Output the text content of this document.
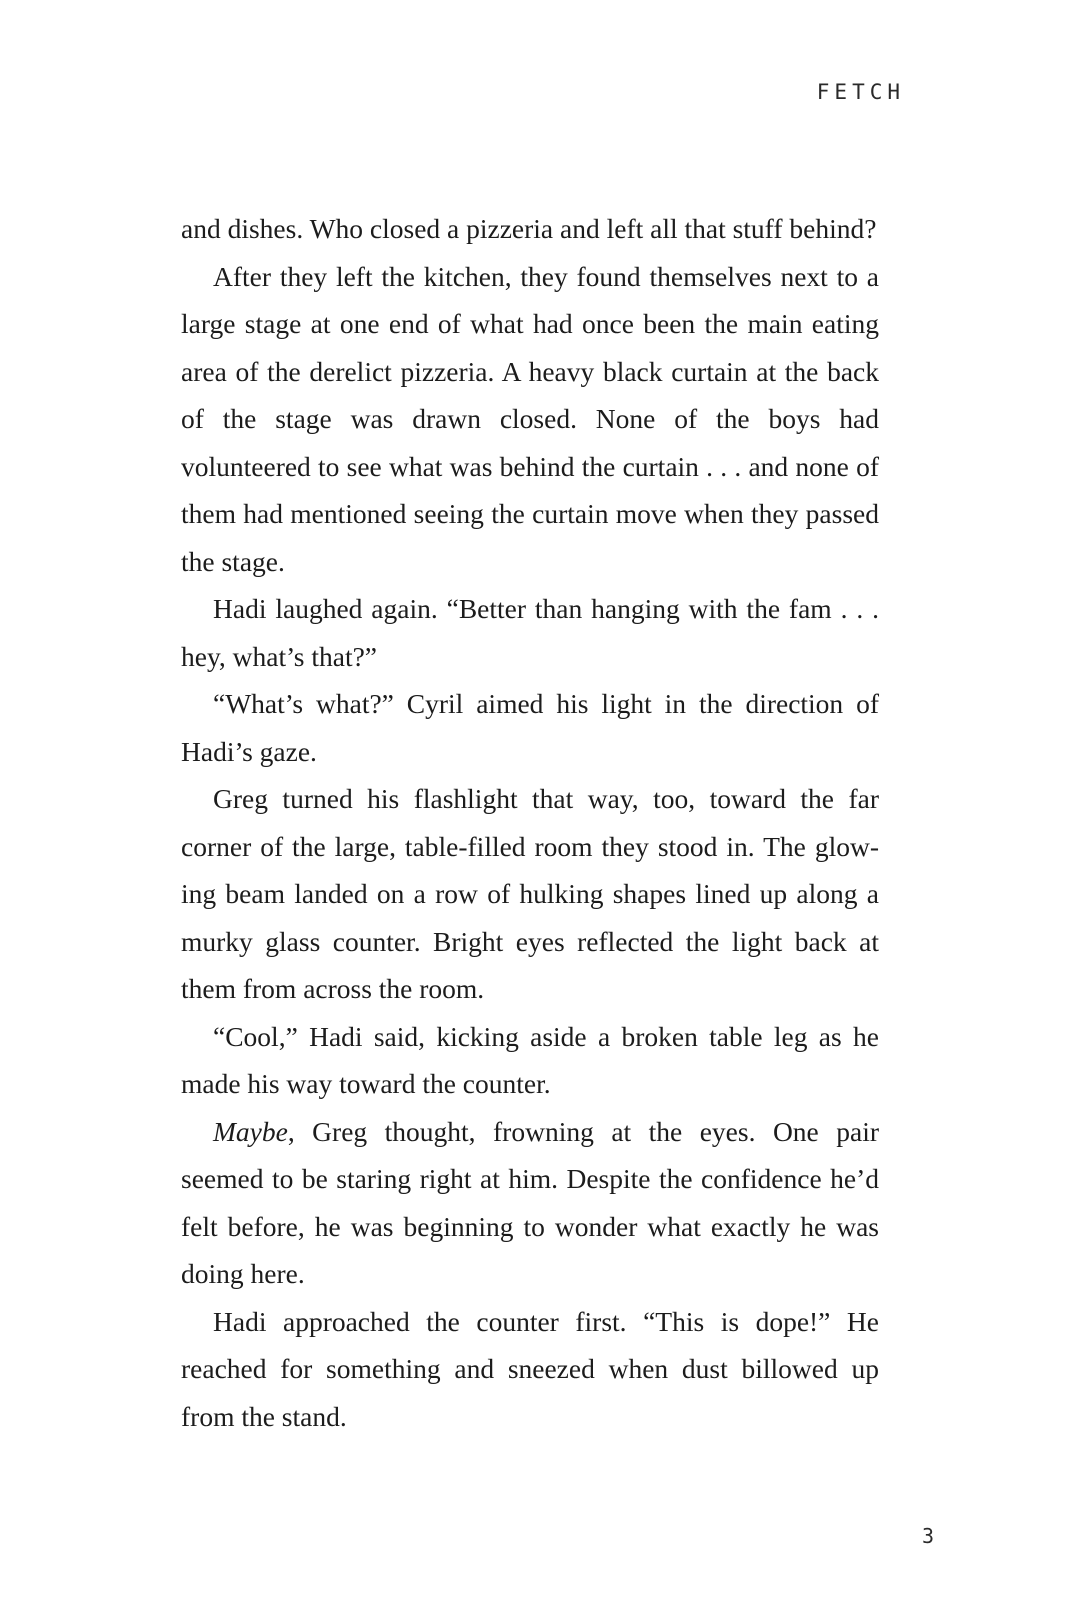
FETCH

and dishes. Who closed a pizzeria and left all that stuff behind?

After they left the kitchen, they found themselves next to a large stage at one end of what had once been the main eating area of the derelict pizzeria. A heavy black curtain at the back of the stage was drawn closed. None of the boys had volunteered to see what was behind the curtain . . . and none of them had mentioned seeing the curtain move when they passed the stage.

Hadi laughed again. “Better than hanging with the fam . . . hey, what’s that?”

“What’s what?” Cyril aimed his light in the direction of Hadi’s gaze.

Greg turned his flashlight that way, too, toward the far corner of the large, table-filled room they stood in. The glow-ing beam landed on a row of hulking shapes lined up along a murky glass counter. Bright eyes reflected the light back at them from across the room.

“Cool,” Hadi said, kicking aside a broken table leg as he made his way toward the counter.

Maybe, Greg thought, frowning at the eyes. One pair seemed to be staring right at him. Despite the confidence he’d felt before, he was beginning to wonder what exactly he was doing here.

Hadi approached the counter first. “This is dope!” He reached for something and sneezed when dust billowed up from the stand.

3
